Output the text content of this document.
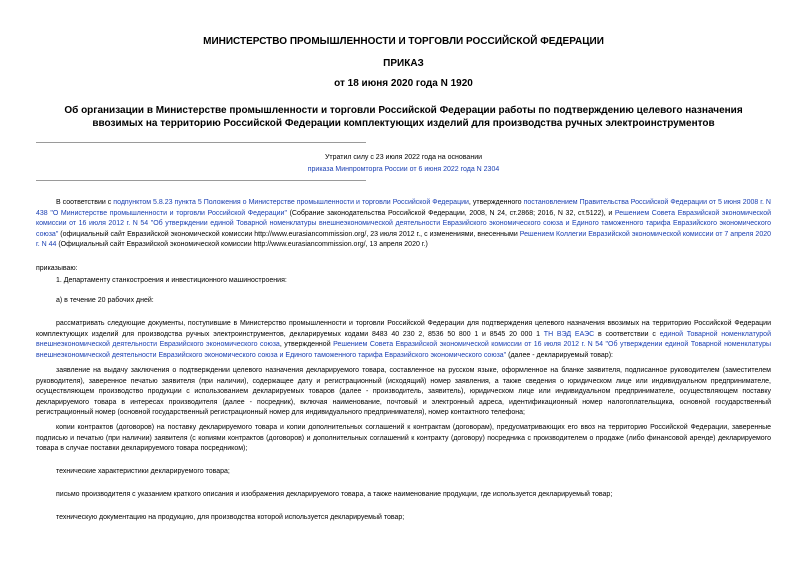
МИНИСТЕРСТВО ПРОМЫШЛЕННОСТИ И ТОРГОВЛИ РОССИЙСКОЙ ФЕДЕРАЦИИ
ПРИКАЗ
от 18 июня 2020 года N 1920
Об организации в Министерстве промышленности и торговли Российской Федерации работы по подтверждению целевого назначения ввозимых на территорию Российской Федерации комплектующих изделий для производства ручных электроинструментов
Утратил силу с 23 июля 2022 года на основании
приказа Минпромторга России от 6 июня 2022 года N 2304
В соответствии с подпунктом 5.8.23 пункта 5 Положения о Министерстве промышленности и торговли Российской Федерации, утвержденного постановлением Правительства Российской Федерации от 5 июня 2008 г. N 438 "О Министерстве промышленности и торговли Российской Федерации" (Собрание законодательства Российской Федерации, 2008, N 24, ст.2868; 2016, N 32, ст.5122), и Решением Совета Евразийской экономической комиссии от 16 июля 2012 г. N 54 "Об утверждении единой Товарной номенклатуры внешнеэкономической деятельности Евразийского экономического союза и Единого таможенного тарифа Евразийского экономического союза" (официальный сайт Евразийской экономической комиссии http://www.eurasiancommission.org/, 23 июля 2012 г., с изменениями, внесенными Решением Коллегии Евразийской экономической комиссии от 7 апреля 2020 г. N 44 (Официальный сайт Евразийской экономической комиссии http://www.eurasiancommission.org/, 13 апреля 2020 г.)
приказываю:
1. Департаменту станкостроения и инвестиционного машиностроения:
а) в течение 20 рабочих дней:
рассматривать следующие документы, поступившие в Министерство промышленности и торговли Российской Федерации для подтверждения целевого назначения ввозимых на территорию Российской Федерации комплектующих изделий для производства ручных электроинструментов, декларируемых кодами 8483 40 230 2, 8536 50 800 1 и 8545 20 000 1 ТН ВЭД ЕАЭС в соответствии с единой Товарной номенклатурой внешнеэкономической деятельности Евразийского экономического союза, утвержденной Решением Совета Евразийской экономической комиссии от 16 июля 2012 г. N 54 "Об утверждении единой Товарной номенклатуры внешнеэкономической деятельности Евразийского экономического союза и Единого таможенного тарифа Евразийского экономического союза" (далее - декларируемый товар):
заявление на выдачу заключения о подтверждении целевого назначения декларируемого товара, составленное на русском языке, оформленное на бланке заявителя, подписанное руководителем (заместителем руководителя), заверенное печатью заявителя (при наличии), содержащее дату и регистрационный (исходящий) номер заявления, а также сведения о юридическом лице или индивидуальном предпринимателе, осуществляющем производство продукции с использованием декларируемых товаров (далее - производитель, заявитель), юридическом лице или индивидуальном предпринимателе, осуществляющем поставку декларируемого товара в интересах производителя (далее - посредник), включая наименование, почтовый и электронный адреса, идентификационный номер налогоплательщика, основной государственный регистрационный номер (основной государственный регистрационный номер для индивидуального предпринимателя), номер контактного телефона;
копии контрактов (договоров) на поставку декларируемого товара и копии дополнительных соглашений к контрактам (договорам), предусматривающих его ввоз на территорию Российской Федерации, заверенные подписью и печатью (при наличии) заявителя (с копиями контрактов (договоров) и дополнительных соглашений к контракту (договору) посредника с производителем о продаже (либо финансовой аренде) декларируемого товара в случае поставки декларируемого товара посредником);
технические характеристики декларируемого товара;
письмо производителя с указанием краткого описания и изображения декларируемого товара, а также наименование продукции, где используется декларируемый товар;
техническую документацию на продукцию, для производства которой используется декларируемый товар;
